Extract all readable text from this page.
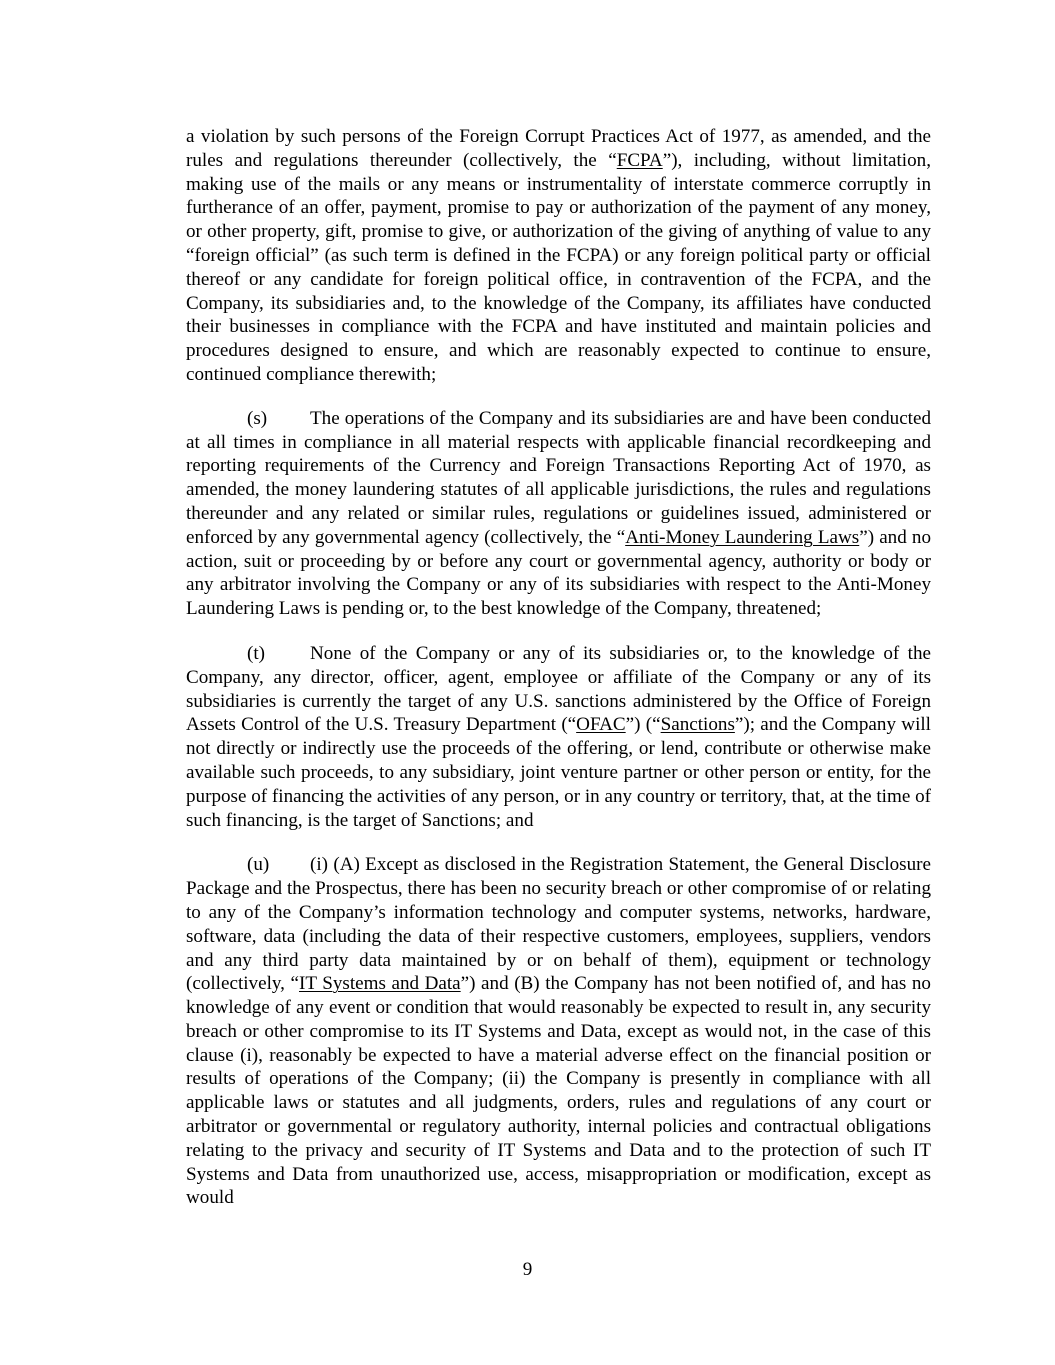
a violation by such persons of the Foreign Corrupt Practices Act of 1977, as amended, and the rules and regulations thereunder (collectively, the “FCPA”), including, without limitation, making use of the mails or any means or instrumentality of interstate commerce corruptly in furtherance of an offer, payment, promise to pay or authorization of the payment of any money, or other property, gift, promise to give, or authorization of the giving of anything of value to any “foreign official” (as such term is defined in the FCPA) or any foreign political party or official thereof or any candidate for foreign political office, in contravention of the FCPA, and the Company, its subsidiaries and, to the knowledge of the Company, its affiliates have conducted their businesses in compliance with the FCPA and have instituted and maintain policies and procedures designed to ensure, and which are reasonably expected to continue to ensure, continued compliance therewith;

(s) The operations of the Company and its subsidiaries are and have been conducted at all times in compliance in all material respects with applicable financial recordkeeping and reporting requirements of the Currency and Foreign Transactions Reporting Act of 1970, as amended, the money laundering statutes of all applicable jurisdictions, the rules and regulations thereunder and any related or similar rules, regulations or guidelines issued, administered or enforced by any governmental agency (collectively, the “Anti-Money Laundering Laws”) and no action, suit or proceeding by or before any court or governmental agency, authority or body or any arbitrator involving the Company or any of its subsidiaries with respect to the Anti-Money Laundering Laws is pending or, to the best knowledge of the Company, threatened;

(t) None of the Company or any of its subsidiaries or, to the knowledge of the Company, any director, officer, agent, employee or affiliate of the Company or any of its subsidiaries is currently the target of any U.S. sanctions administered by the Office of Foreign Assets Control of the U.S. Treasury Department (“OFAC”) (“Sanctions”); and the Company will not directly or indirectly use the proceeds of the offering, or lend, contribute or otherwise make available such proceeds, to any subsidiary, joint venture partner or other person or entity, for the purpose of financing the activities of any person, or in any country or territory, that, at the time of such financing, is the target of Sanctions; and

(u) (i) (A) Except as disclosed in the Registration Statement, the General Disclosure Package and the Prospectus, there has been no security breach or other compromise of or relating to any of the Company’s information technology and computer systems, networks, hardware, software, data (including the data of their respective customers, employees, suppliers, vendors and any third party data maintained by or on behalf of them), equipment or technology (collectively, “IT Systems and Data”) and (B) the Company has not been notified of, and has no knowledge of any event or condition that would reasonably be expected to result in, any security breach or other compromise to its IT Systems and Data, except as would not, in the case of this clause (i), reasonably be expected to have a material adverse effect on the financial position or results of operations of the Company; (ii) the Company is presently in compliance with all applicable laws or statutes and all judgments, orders, rules and regulations of any court or arbitrator or governmental or regulatory authority, internal policies and contractual obligations relating to the privacy and security of IT Systems and Data and to the protection of such IT Systems and Data from unauthorized use, access, misappropriation or modification, except as would

9
